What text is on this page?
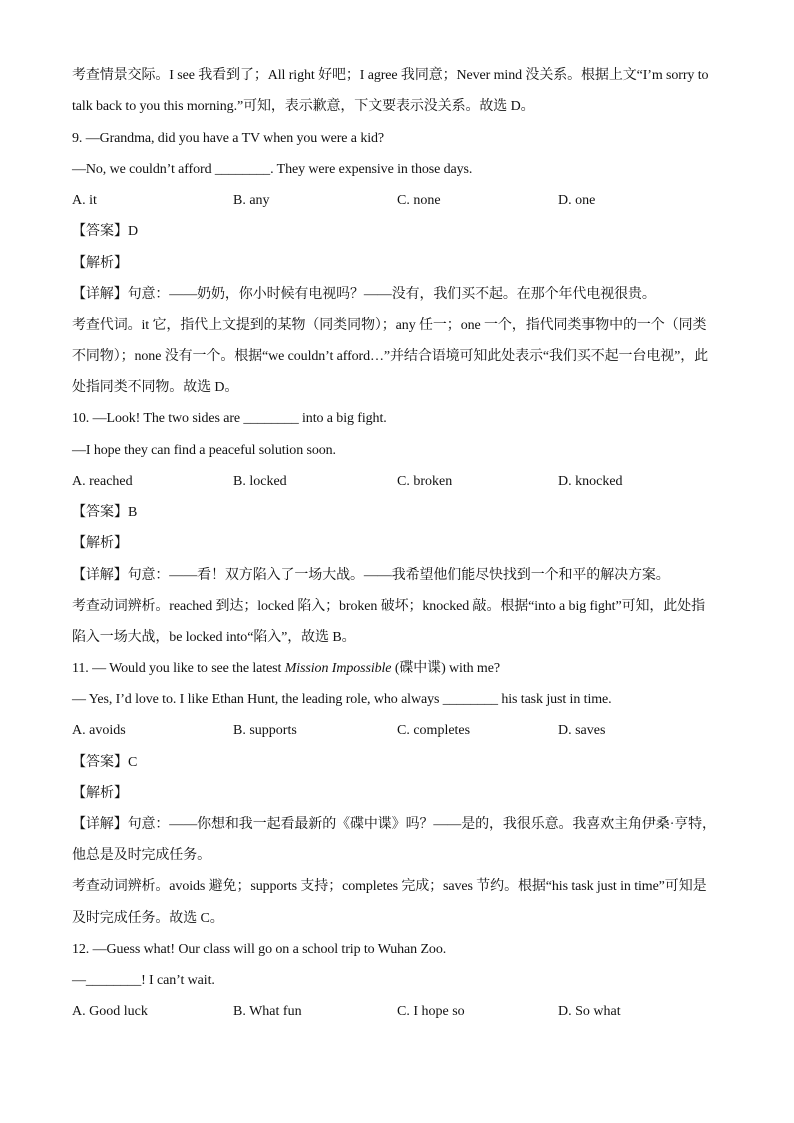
考查情景交际。I see 我看到了；All right 好吧；I agree 我同意；Never mind 没关系。根据上文“I’m sorry to
talk back to you this morning.”可知，表示歉意，下文要表示没关系。故选 D。
9. —Grandma, did you have a TV when you were a kid?
—No, we couldn’t afford ________. They were expensive in those days.
A. it	B. any	C. none	D. one
【答案】D
【解析】
【详解】句意：——奶奶，你小时候有电视吗？——没有，我们买不起。在那个年代电视很贵。
考查代词。it 它，指代上文提到的某物（同类同物）；any 任一；one 一个，指代同类事物中的一个（同类
不同物）；none 没有一个。根据“we couldn’t afford…”并结合语境可知此处表示“我们买不起一台电视”，此
处指同类不同物。故选 D。
10. —Look! The two sides are ________ into a big fight.
—I hope they can find a peaceful solution soon.
A. reached	B. locked	C. broken	D. knocked
【答案】B
【解析】
【详解】句意：——看！双方陷入了一场大战。——我希望他们能尽快找到一个和平的解决方案。
考查动词辨析。reached 到达；locked 陷入；broken 破坏；knocked 敲。根据“into a big fight”可知，此处指
陷入一场大战，be locked into“陷入”，故选 B。
11. — Would you like to see the latest Mission Impossible (碟中谍) with me?
— Yes, I’d love to. I like Ethan Hunt, the leading role, who always ________ his task just in time.
A. avoids	B. supports	C. completes	D. saves
【答案】C
【解析】
【详解】句意：——你想和我一起看最新的《碟中谍》吗？——是的，我很乐意。我喜欢主角伊桑·亨特，
他总是及时完成任务。
考查动词辨析。avoids 避免；supports 支持；completes 完成；saves 节约。根据“his task just in time”可知是
及时完成任务。故选 C。
12. —Guess what! Our class will go on a school trip to Wuhan Zoo.
—________! I can’t wait.
A. Good luck	B. What fun	C. I hope so	D. So what
